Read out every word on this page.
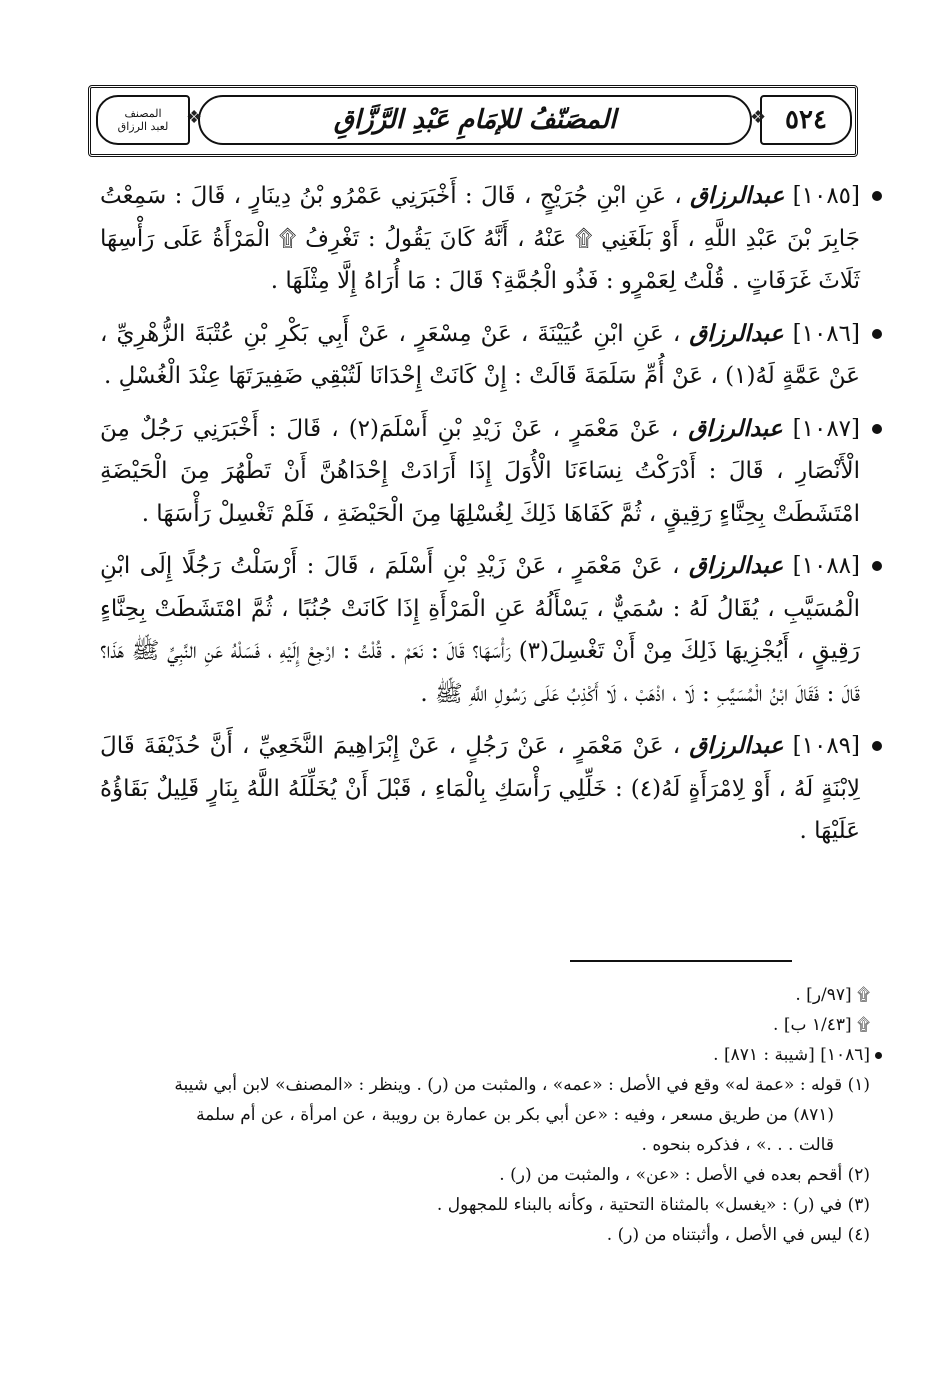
٥٢٤
❖
المصَنّفُ للإمَامِ عَبْدِ الرَّزَّاقِ
❖
المصنف
لعبد الرزاق
[١٠٨٥] عبدالرزاق ، عَنِ ابْنِ جُرَيْجٍ ، قَالَ : أَخْبَرَنِي عَمْرُو بْنُ دِينَارٍ ، قَالَ : سَمِعْتُ جَابِرَ بْنَ عَبْدِ اللَّهِ ، أَوْ بَلَغَنِي ۩ عَنْهُ ، أَنَّهُ كَانَ يَقُولُ : تَغْرِفُ ۩ الْمَرْأَةُ عَلَى رَأْسِهَا ثَلَاثَ غَرَفَاتٍ . قُلْتُ لِعَمْرٍو : فَذُو الْجُمَّةِ؟ قَالَ : مَا أُرَاهُ إِلَّا مِثْلَهَا .
[١٠٨٦] عبدالرزاق ، عَنِ ابْنِ عُيَيْنَةَ ، عَنْ مِسْعَرٍ ، عَنْ أَبِي بَكْرِ بْنِ عُتْبَةَ الزُّهْرِيِّ ، عَنْ عَمَّةٍ لَهُ(١) ، عَنْ أُمِّ سَلَمَةَ قَالَتْ : إِنْ كَانَتْ إِحْدَانَا لَتُبْقِي ضَفِيرَتَهَا عِنْدَ الْغُسْلِ .
[١٠٨٧] عبدالرزاق ، عَنْ مَعْمَرٍ ، عَنْ زَيْدِ بْنِ أَسْلَمَ(٢) ، قَالَ : أَخْبَرَنِي رَجُلٌ مِنَ الْأَنْصَارِ ، قَالَ : أَدْرَكْتُ نِسَاءَنَا الْأُوَلَ إِذَا أَرَادَتْ إِحْدَاهُنَّ أَنْ تَطْهُرَ مِنَ الْحَيْضَةِ امْتَشَطَتْ بِحِنَّاءٍ رَقِيقٍ ، ثُمَّ كَفَاهَا ذَلِكَ لِغُسْلِهَا مِنَ الْحَيْضَةِ ، فَلَمْ تَغْسِلْ رَأْسَهَا .
[١٠٨٨] عبدالرزاق ، عَنْ مَعْمَرٍ ، عَنْ زَيْدِ بْنِ أَسْلَمَ ، قَالَ : أَرْسَلْتُ رَجُلًا إِلَى ابْنِ الْمُسَيَّبِ ، يُقَالُ لَهُ : سُمَيٌّ ، يَسْأَلُهُ عَنِ الْمَرْأَةِ إِذَا كَانَتْ جُنُبًا ، ثُمَّ امْتَشَطَتْ بِحِنَّاءٍ رَقِيقٍ ، أَيُجْزِيهَا ذَلِكَ مِنْ أَنْ تَغْسِلَ(٣) رَأْسَهَا؟ قَالَ : نَعَمْ . قُلْتُ : ارْجِعْ إِلَيْهِ ، فَسَلْهُ عَنِ النَّبِيِّ ﷺ هَذَا؟ قَالَ : فَقَالَ ابْنُ الْمُسَيَّبِ : لَا ، اذْهَبْ ، لَا أَكْذِبُ عَلَى رَسُولِ اللَّهِ ﷺ .
[١٠٨٩] عبدالرزاق ، عَنْ مَعْمَرٍ ، عَنْ رَجُلٍ ، عَنْ إِبْرَاهِيمَ النَّخَعِيِّ ، أَنَّ حُذَيْفَةَ قَالَ لِابْنَةٍ لَهُ ، أَوْ لِامْرَأَةٍ لَهُ(٤) : خَلِّلِي رَأْسَكِ بِالْمَاءِ ، قَبْلَ أَنْ يُخَلِّلَهُ اللَّهُ بِنَارٍ قَلِيلٌ بَقَاؤُهُ عَلَيْهَا .
۩ [٩٧/ر] .
۩ [١/٤٣ ب] .
[١٠٨٦] [شيبة : ٨٧١] .
(١) قوله : «عمة له» وقع في الأصل : «عمه» ، والمثبت من (ر) . وينظر : «المصنف» لابن أبي شيبة
(٨٧١) من طريق مسعر ، وفيه : «عن أبي بكر بن عمارة بن رويبة ، عن امرأة ، عن أم سلمة
قالت . . .» ، فذكره بنحوه .
(٢) أقحم بعده في الأصل : «عن» ، والمثبت من (ر) .
(٣) في (ر) : «يغسل» بالمثناة التحتية ، وكأنه بالبناء للمجهول .
(٤) ليس في الأصل ، وأثبتناه من (ر) .
